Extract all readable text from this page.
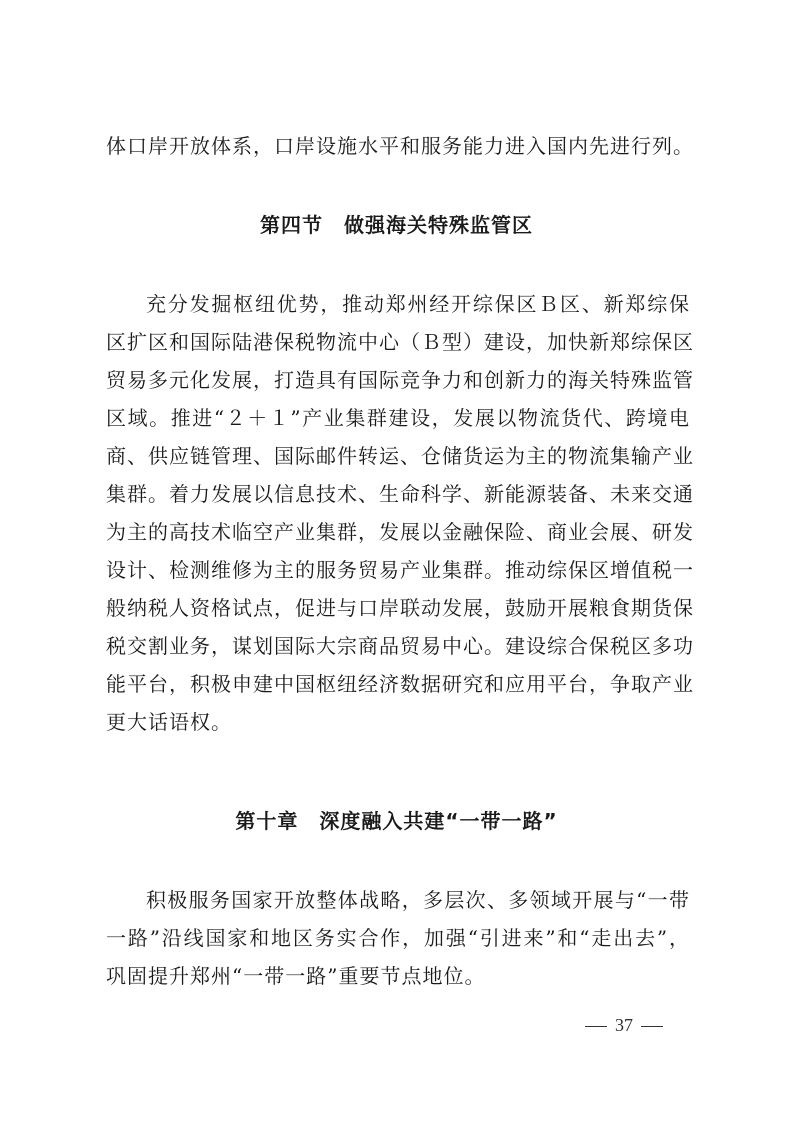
体口岸开放体系，口岸设施水平和服务能力进入国内先进行列。
第四节　做强海关特殊监管区
充分发掘枢纽优势，推动郑州经开综保区Ｂ区、新郑综保
区扩区和国际陆港保税物流中心（Ｂ型）建设，加快新郑综保区
贸易多元化发展，打造具有国际竞争力和创新力的海关特殊监管
区域。推进“２＋１”产业集群建设，发展以物流货代、跨境电
商、供应链管理、国际邮件转运、仓储货运为主的物流集输产业
集群。着力发展以信息技术、生命科学、新能源装备、未来交通
为主的高技术临空产业集群，发展以金融保险、商业会展、研发
设计、检测维修为主的服务贸易产业集群。推动综保区增值税一
般纳税人资格试点，促进与口岸联动发展，鼓励开展粮食期货保
税交割业务，谋划国际大宗商品贸易中心。建设综合保税区多功
能平台，积极申建中国枢纽经济数据研究和应用平台，争取产业
更大话语权。
第十章　深度融入共建“一带一路”
积极服务国家开放整体战略，多层次、多领域开展与“一带
一路”沿线国家和地区务实合作，加强“引进来”和“走出去”，
巩固提升郑州“一带一路”重要节点地位。
37
